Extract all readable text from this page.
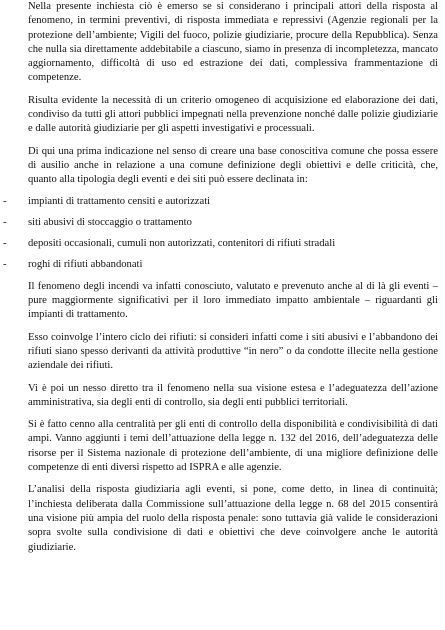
Nella presente inchiesta ciò è emerso se si considerano i principali attori della risposta al fenomeno, in termini preventivi, di risposta immediata e repressivi (Agenzie regionali per la protezione dell’ambiente; Vigili del fuoco, polizie giudiziarie, procure della Repubblica). Senza che nulla sia direttamente addebitabile a ciascuno, siamo in presenza di incompletezza, mancato aggiornamento, difficoltà di uso ed estrazione dei dati, complessiva frammentazione di competenze.

Risulta evidente la necessità di un criterio omogeneo di acquisizione ed elaborazione dei dati, condiviso da tutti gli attori pubblici impegnati nella prevenzione nonché dalle polizie giudiziarie e dalle autorità giudiziarie per gli aspetti investigativi e processuali.

Di qui una prima indicazione nel senso di creare una base conoscitiva comune che possa essere di ausilio anche in relazione a una comune definizione degli obiettivi e delle criticità, che, quanto alla tipologia degli eventi e dei siti può essere declinata in:

- impianti di trattamento censiti e autorizzati
- siti abusivi di stoccaggio o trattamento
- depositi occasionali, cumuli non autorizzati, contenitori di rifiuti stradali
- roghi di rifiuti abbandonati

Il fenomeno degli incendi va infatti conosciuto, valutato e prevenuto anche al di là gli eventi – pure maggiormente significativi per il loro immediato impatto ambientale – riguardanti gli impianti di trattamento.

Esso coinvolge l’intero ciclo dei rifiuti: si consideri infatti come i siti abusivi e l’abbandono dei rifiuti siano spesso derivanti da attività produttive “in nero” o da condotte illecite nella gestione aziendale dei rifiuti.

Vi è poi un nesso diretto tra il fenomeno nella sua visione estesa e l’adeguatezza dell’azione amministrativa, sia degli enti di controllo, sia degli enti pubblici territoriali.

Si è fatto cenno alla centralità per gli enti di controllo della disponibilità e condivisibilità di dati ampi. Vanno aggiunti i temi dell’attuazione della legge n. 132 del 2016, dell’adeguatezza delle risorse per il Sistema nazionale di protezione dell’ambiente, di una migliore definizione delle competenze di enti diversi rispetto ad ISPRA e alle agenzie.

L’analisi della risposta giudiziaria agli eventi, si pone, come detto, in linea di continuità; l’inchiesta deliberata dalla Commissione sull’attuazione della legge n. 68 del 2015 consentirà una visione più ampia del ruolo della risposta penale: sono tuttavia già valide le considerazioni sopra svolte sulla condivisione di dati e obiettivi che deve coinvolgere anche le autorità giudiziarie.
